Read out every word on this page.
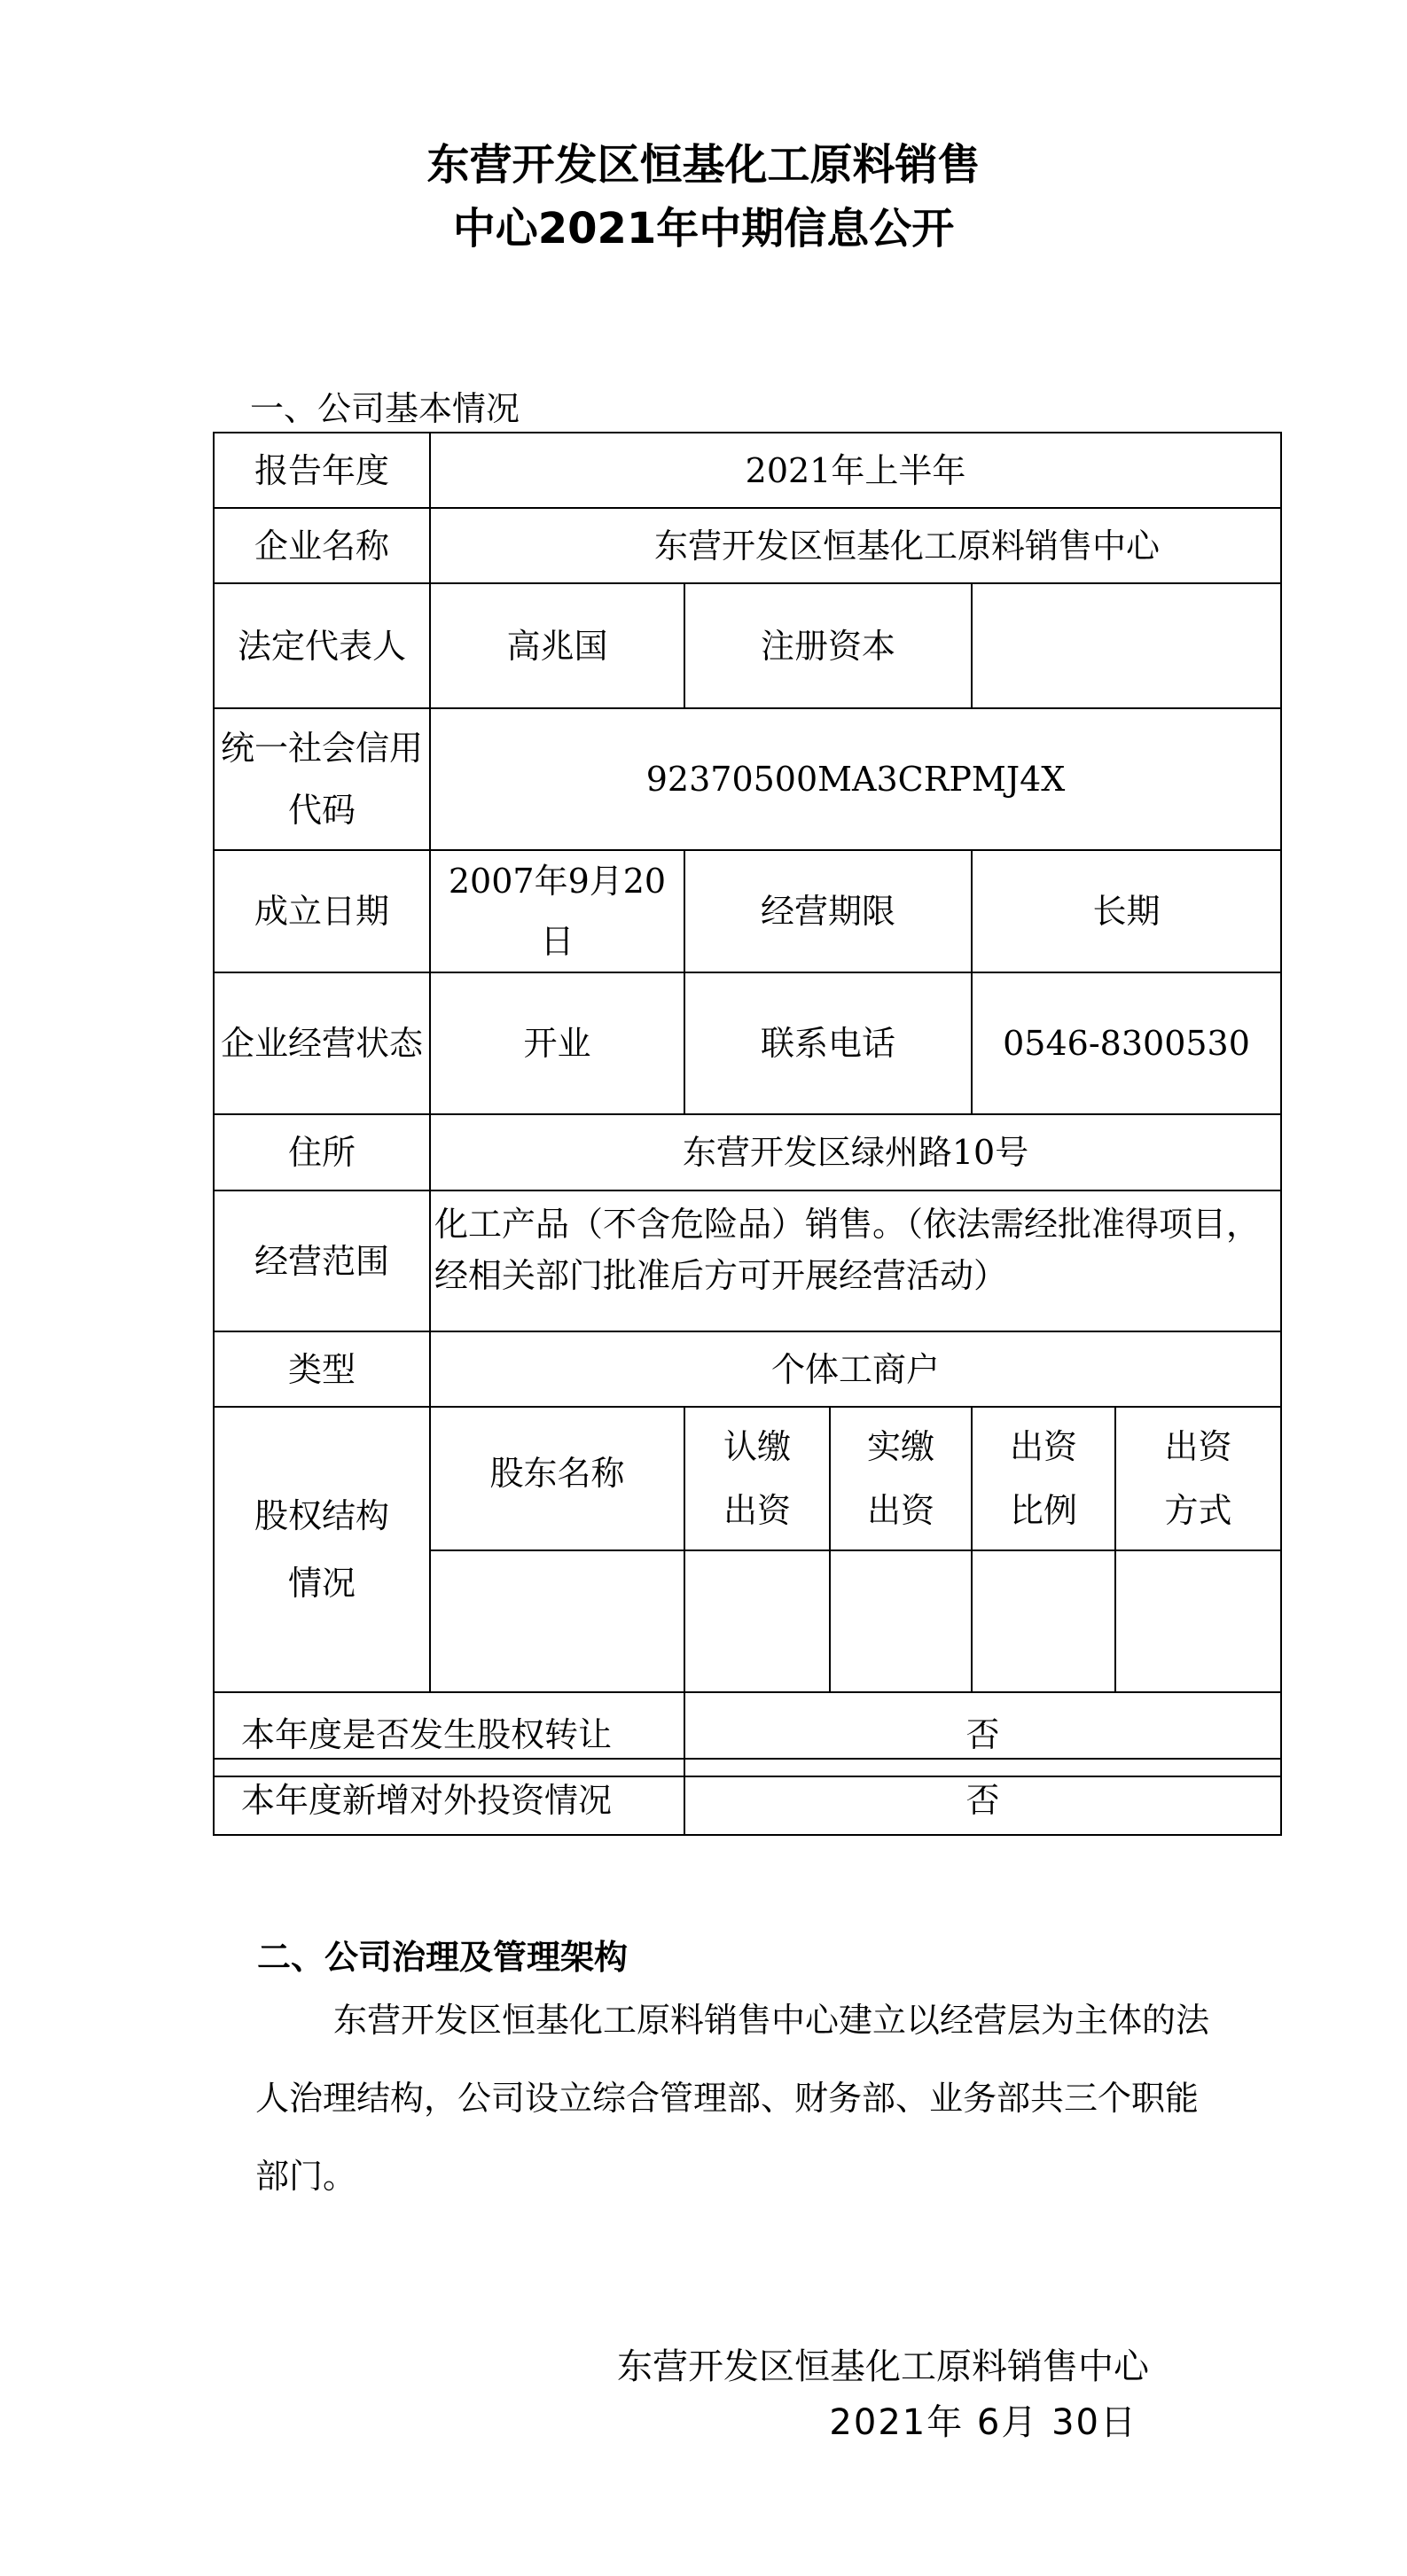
东营开发区恒基化工原料销售
中心2021年中期信息公开
一、公司基本情况
报告年度	2021年上半年				
企业名称	东营开发区恒基化工原料销售中心				
法定代表人	高兆国	注册资本			
统一社会信用代码	92370500MA3CRPMJ4X				
成立日期	2007年9月20日	经营期限		长期	
企业经营状态	开业	联系电话		0546-8300530	
住所	东营开发区绿州路10号				
经营范围	化工产品（不含危险品）销售。（依法需经批准得项目，经相关部门批准后方可开展经营活动）				
类型	个体工商户				
股权结构情况	股东名称	认缴出资	实缴出资	出资比例	出资方式

本年度是否发生股权转让		否			
本年度新增对外投资情况	否
二、公司治理及管理架构
东营开发区恒基化工原料销售中心建立以经营层为主体的法人治理结构，公司设立综合管理部、财务部、业务部共三个职能部门。
东营开发区恒基化工原料销售中心
2021年 6月 30日
